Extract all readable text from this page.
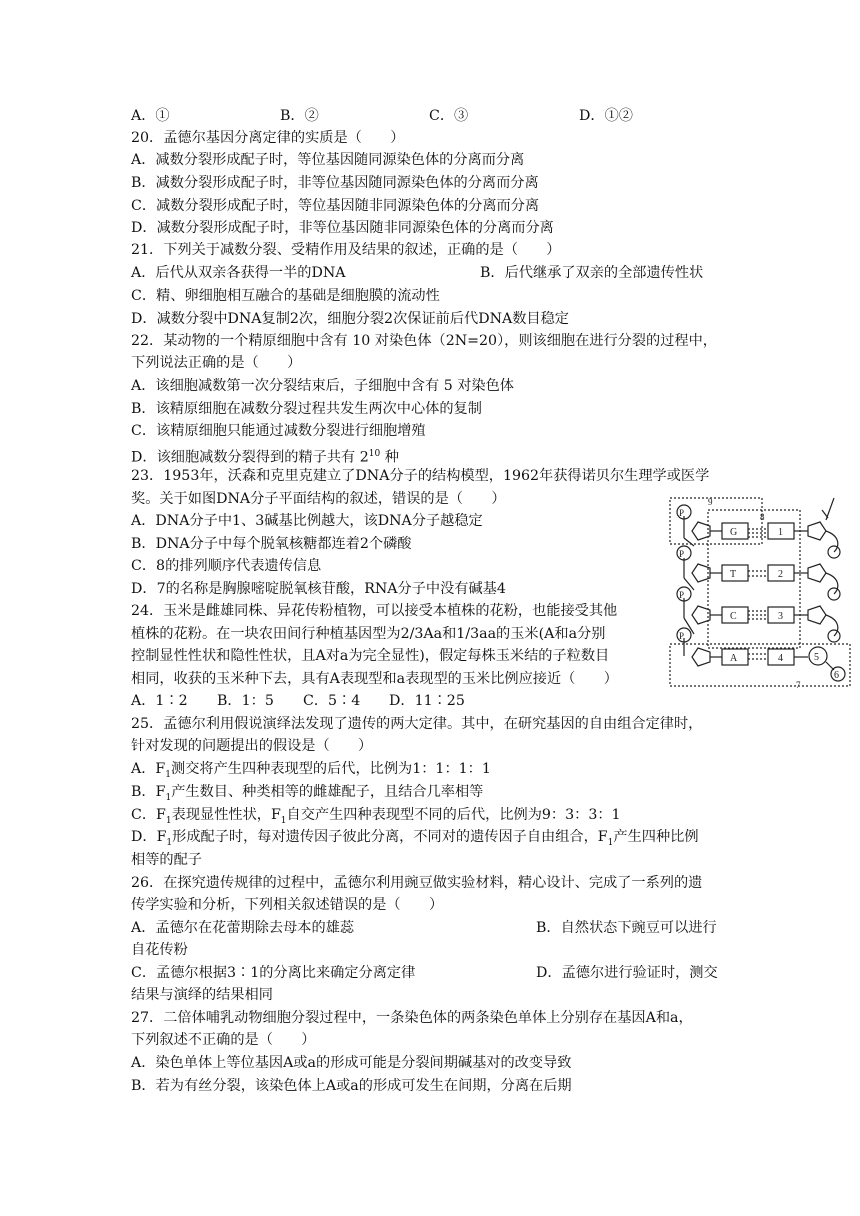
A．①	B．②	C．③	D．①②
20．孟德尔基因分离定律的实质是（　　）
A．减数分裂形成配子时，等位基因随同源染色体的分离而分离
B．减数分裂形成配子时，非等位基因随同源染色体的分离而分离
C．减数分裂形成配子时，等位基因随非同源染色体的分离而分离
D．减数分裂形成配子时，非等位基因随非同源染色体的分离而分离
21．下列关于减数分裂、受精作用及结果的叙述，正确的是（　　）
A．后代从双亲各获得一半的DNA	B．后代继承了双亲的全部遗传性状
C．精、卵细胞相互融合的基础是细胞膜的流动性
D．减数分裂中DNA复制2次，细胞分裂2次保证前后代DNA数目稳定
22．某动物的一个精原细胞中含有 10 对染色体（2N=20），则该细胞在进行分裂的过程中，
下列说法正确的是（　　）
A．该细胞减数第一次分裂结束后，子细胞中含有 5 对染色体
B．该精原细胞在减数分裂过程共发生两次中心体的复制
C．该精原细胞只能通过减数分裂进行细胞增殖
D．该细胞减数分裂得到的精子共有 $2^{10}$ 种
23．1953年，沃森和克里克建立了DNA分子的结构模型，1962年获得诺贝尔生理学或医学
奖。关于如图DNA分子平面结构的叙述，错误的是（　　）
A．DNA分子中1、3碱基比例越大，该DNA分子越稳定
B．DNA分子中每个脱氧核糖都连着2个磷酸
C．8的排列顺序代表遗传信息
D．7的名称是胸腺嘧啶脱氧核苷酸，RNA分子中没有碱基4
24．玉米是雌雄同株、异花传粉植物，可以接受本植株的花粉，也能接受其他
植株的花粉。在一块农田间行种植基因型为2/3Aa和1/3aa的玉米(A和a分别
控制显性性状和隐性性状，且A对a为完全显性)，假定每株玉米结的子粒数目
相同，收获的玉米种下去，具有A表现型和a表现型的玉米比例应接近（　　）
A．1∶2 B．1：5 C．5∶4 D．11∶25
25．孟德尔利用假说演绎法发现了遗传的两大定律。其中，在研究基因的自由组合定律时，
针对发现的问题提出的假设是（　　）
A．$F_1$测交将产生四种表现型的后代，比例为1：1：1：1
B．$F_1$产生数目、种类相等的雌雄配子，且结合几率相等
C．$F_1$表现显性性状，$F_1$自交产生四种表现型不同的后代，比例为9：3：3：1
D．$F_1$形成配子时，每对遗传因子彼此分离，不同对的遗传因子自由组合，$F_1$产生四种比例
相等的配子
26．在探究遗传规律的过程中，孟德尔利用豌豆做实验材料，精心设计、完成了一系列的遗
传学实验和分析，下列相关叙述错误的是（　　）
A．孟德尔在花蕾期除去母本的雄蕊	B．自然状态下豌豆可以进行
自花传粉
C．孟德尔根据3∶1的分离比来确定分离定律	D．孟德尔进行验证时，测交
结果与演绎的结果相同
27．二倍体哺乳动物细胞分裂过程中，一条染色体的两条染色单体上分别存在基因A和a，
下列叙述不正确的是（　　）
A．染色单体上等位基因A或a的形成可能是分裂间期碱基对的改变导致
B．若为有丝分裂，该染色体上A或a的形成可发生在间期，分离在后期
9
8
7
P
P
P
P
G
T
C
A
1
2
3
4	5
6
